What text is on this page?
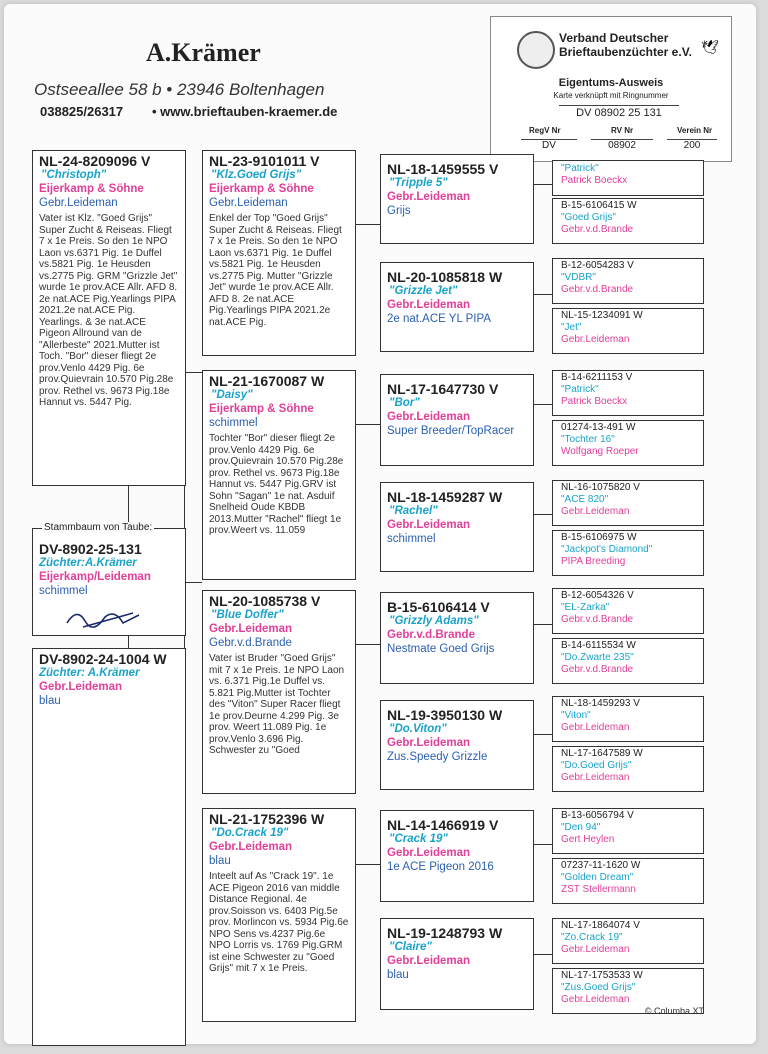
A.Krämer
Ostseeallee 58 b • 23946 Boltenhagen
038825/26317 • www.brieftauben-kraemer.de
Verband Deutscher
Brieftaubenzüchter e.V. 🕊
Eigentums-Ausweis
Karte verknüpft mit Ringnummer
DV 08902 25 131
RegV Nr	RV Nr	Verein Nr
DV	08902	200
NL-24-8209096 V
"Christoph"
Eijerkamp & Söhne
Gebr.Leideman
Vater ist Klz. "Goed Grijs" Super Zucht & Reiseas. Fliegt 7 x 1e Preis. So den 1e NPO Laon vs.6371 Pig. 1e Duffel vs.5821 Pig. 1e Heusden vs.2775 Pig. GRM "Grizzle Jet" wurde 1e prov.ACE Allr. AFD 8. 2e nat.ACE Pig.Yearlings PIPA 2021.2e nat.ACE Pig. Yearlings. & 3e nat.ACE Pigeon Allround van de "Allerbeste" 2021.Mutter ist Toch. "Bor" dieser fliegt 2e prov.Venlo 4429 Pig. 6e prov.Quievrain 10.570 Pig.28e prov. Rethel vs. 9673 Pig.18e Hannut vs. 5447 Pig.
Stammbaum von Taube:
DV-8902-25-131
Züchter:A.Krämer
Eijerkamp/Leideman
schimmel
DV-8902-24-1004 W
Züchter: A.Krämer
Gebr.Leideman
blau
NL-23-9101011 V
"Klz.Goed Grijs"
Eijerkamp & Söhne
Gebr.Leideman
Enkel der Top "Goed Grijs" Super Zucht & Reiseas. Fliegt 7 x 1e Preis. So den 1e NPO Laon vs.6371 Pig. 1e Duffel vs.5821 Pig. 1e Heusden vs.2775 Pig. Mutter "Grizzle Jet" wurde 1e prov.ACE Allr. AFD 8. 2e nat.ACE Pig.Yearlings PIPA 2021.2e nat.ACE Pig.
NL-21-1670087 W
"Daisy"
Eijerkamp & Söhne
schimmel
Tochter "Bor" dieser fliegt 2e prov.Venlo 4429 Pig. 6e prov.Quievrain 10.570 Pig.28e prov. Rethel vs. 9673 Pig.18e Hannut vs. 5447 Pig.GRV ist Sohn "Sagan" 1e nat. Asduif Snelheid Oude KBDB 2013.Mutter "Rachel" fliegt 1e prov.Weert vs. 11.059
NL-20-1085738 V
"Blue Doffer"
Gebr.Leideman
Gebr.v.d.Brande
Vater ist Bruder "Goed Grijs" mit 7 x 1e Preis. 1e NPO Laon vs. 6.371 Pig.1e Duffel vs. 5.821 Pig.Mutter ist Tochter des "Viton" Super Racer fliegt 1e prov.Deurne 4.299 Pig. 3e prov. Weert 11.089 Pig. 1e prov.Venlo 3.696 Pig. Schwester zu "Goed
NL-21-1752396 W
"Do.Crack 19"
Gebr.Leideman
blau
Inteelt auf As "Crack 19". 1e ACE Pigeon 2016 van middle Distance Regional. 4e prov.Soisson vs. 6403 Pig.5e prov. Morlincon vs. 5934 Pig.6e NPO Sens vs.4237 Pig.6e NPO Lorris vs. 1769 Pig.GRM ist eine Schwester zu "Goed Grijs" mit 7 x 1e Preis.
NL-18-1459555 V
"Tripple 5"
Gebr.Leideman
Grijs
NL-20-1085818 W
"Grizzle Jet"
Gebr.Leideman
2e nat.ACE YL PIPA
NL-17-1647730 V
"Bor"
Gebr.Leideman
Super Breeder/TopRacer
NL-18-1459287 W
"Rachel"
Gebr.Leideman
schimmel
B-15-6106414 V
"Grizzly Adams"
Gebr.v.d.Brande
Nestmate Goed Grijs
NL-19-3950130 W
"Do.Viton"
Gebr.Leideman
Zus.Speedy Grizzle
NL-14-1466919 V
"Crack 19"
Gebr.Leideman
1e ACE Pigeon 2016
NL-19-1248793 W
"Claire"
Gebr.Leideman
blau
"Patrick"
Patrick Boeckx
B-15-6106415 W
"Goed Grijs"
Gebr.v.d.Brande
B-12-6054283 V
"VDBR"
Gebr.v.d.Brande
NL-15-1234091 W
"Jet"
Gebr.Leideman
B-14-6211153 V
"Patrick"
Patrick Boeckx
01274-13-491 W
"Tochter 16"
Wolfgang Roeper
NL-16-1075820 V
"ACE 820"
Gebr.Leideman
B-15-6106975 W
"Jackpot's Diamond"
PIPA Breeding
B-12-6054326 V
"EL-Zarka"
Gebr.v.d.Brande
B-14-6115534 W
"Do.Zwarte 235"
Gebr.v.d.Brande
NL-18-1459293 V
"Viton"
Gebr.Leideman
NL-17-1647589 W
"Do.Goed Grijs"
Gebr.Leideman
B-13-6056794 V
"Den 94"
Gert Heylen
07237-11-1620 W
"Golden Dream"
ZST Stellermann
NL-17-1864074 V
"Zo.Crack 19"
Gebr.Leideman
NL-17-1753533 W
"Zus.Goed Grijs"
Gebr.Leideman
© Columba XT
